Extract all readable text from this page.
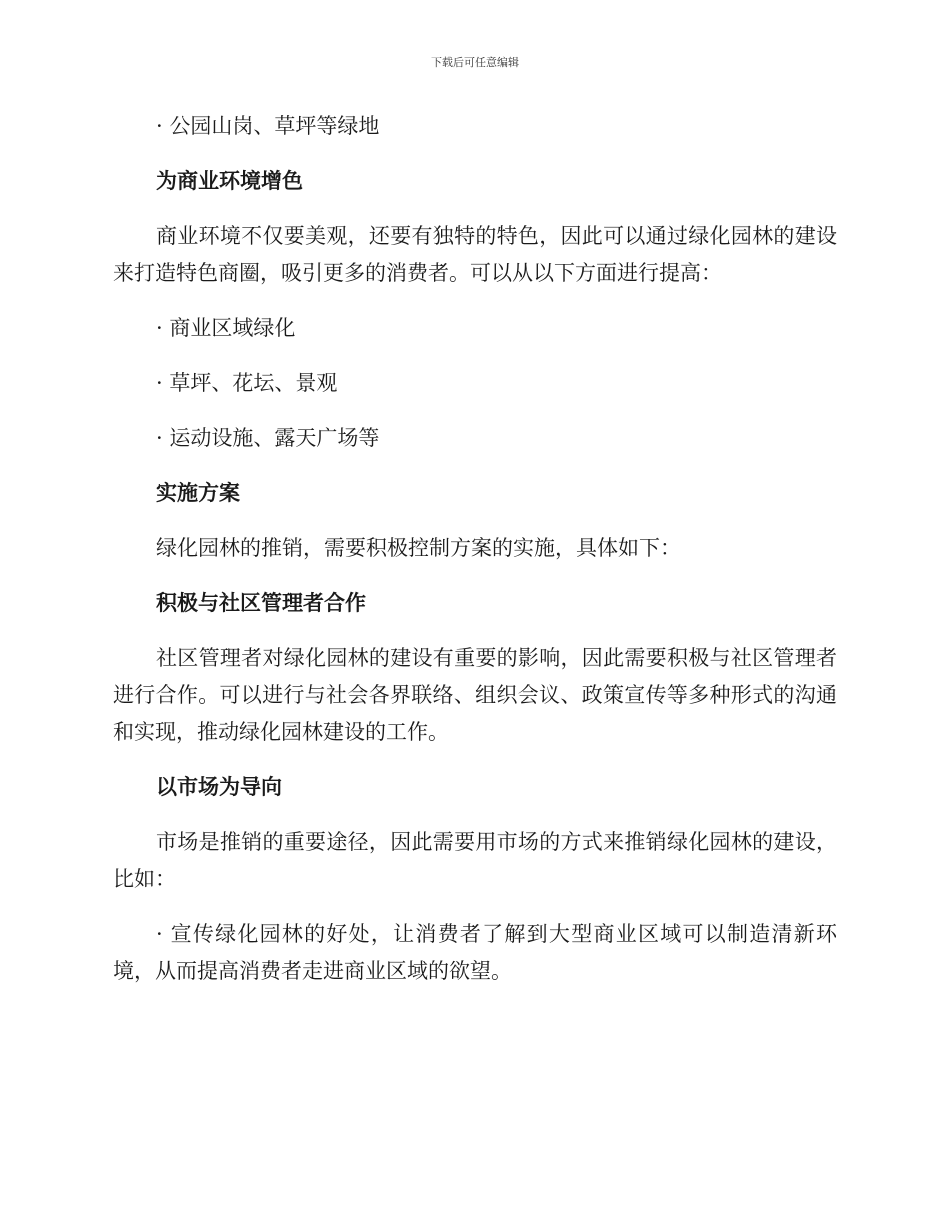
下载后可任意编辑

· 公园山岗、草坪等绿地

为商业环境增色

商业环境不仅要美观，还要有独特的特色，因此可以通过绿化园林的建设来打造特色商圈，吸引更多的消费者。可以从以下方面进行提高：

· 商业区域绿化

· 草坪、花坛、景观

· 运动设施、露天广场等

实施方案

绿化园林的推销，需要积极控制方案的实施，具体如下：

积极与社区管理者合作

社区管理者对绿化园林的建设有重要的影响，因此需要积极与社区管理者进行合作。可以进行与社会各界联络、组织会议、政策宣传等多种形式的沟通和实现，推动绿化园林建设的工作。

以市场为导向

市场是推销的重要途径，因此需要用市场的方式来推销绿化园林的建设，比如：

· 宣传绿化园林的好处，让消费者了解到大型商业区域可以制造清新环境，从而提高消费者走进商业区域的欲望。
